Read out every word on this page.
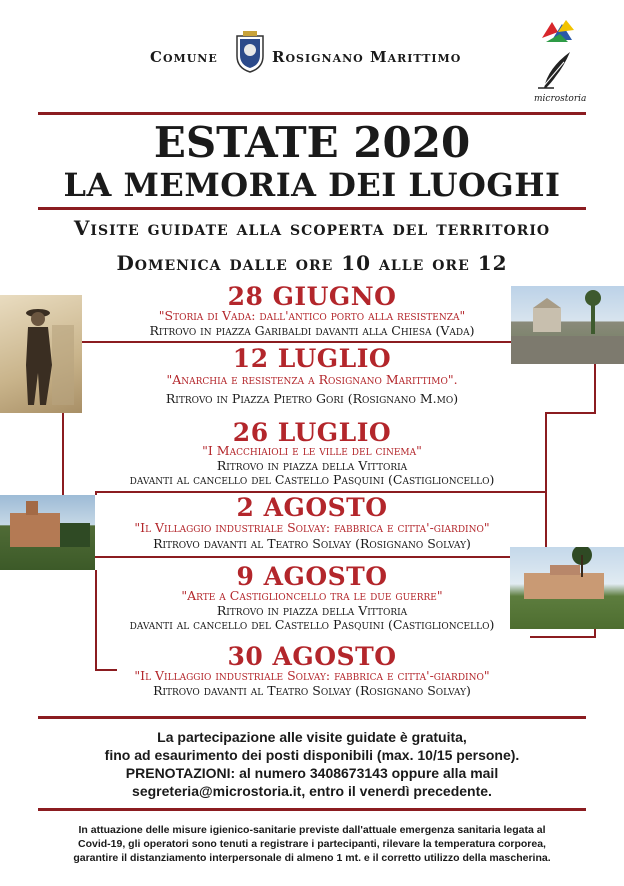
Comune	Rosignano Marittimo
microstoria
ESTATE 2020
LA MEMORIA DEI LUOGHI
Visite guidate alla scoperta del territorio
Domenica dalle ore 10 alle ore 12
28 GIUGNO
"Storia di Vada: dall'antico porto alla resistenza"
Ritrovo in piazza Garibaldi davanti alla Chiesa (Vada)
12 LUGLIO
"Anarchia e resistenza a Rosignano Marittimo".
Ritrovo in Piazza Pietro Gori (Rosignano M.mo)
26 LUGLIO
"I Macchiaioli e le ville del cinema"
Ritrovo in piazza della Vittoria
davanti al cancello del Castello Pasquini (Castiglioncello)
2 AGOSTO
"Il Villaggio industriale Solvay: fabbrica e citta'-giardino"
Ritrovo davanti al Teatro Solvay (Rosignano Solvay)
9 AGOSTO
"Arte a Castiglioncello tra le due guerre"
Ritrovo in piazza della Vittoria
davanti al cancello del Castello Pasquini (Castiglioncello)
30 AGOSTO
"Il Villaggio industriale Solvay: fabbrica e citta'-giardino"
Ritrovo davanti al Teatro Solvay (Rosignano Solvay)
La partecipazione alle visite guidate è gratuita,
fino ad esaurimento dei posti disponibili (max. 10/15 persone).
PRENOTAZIONI: al numero 3408673143 oppure alla mail
segreteria@microstoria.it, entro il venerdì precedente.
In attuazione delle misure igienico-sanitarie previste dall'attuale emergenza sanitaria legata al
Covid-19, gli operatori sono tenuti a registrare i partecipanti, rilevare la temperatura corporea,
garantire il distanziamento interpersonale di almeno 1 mt. e il corretto utilizzo della mascherina.
